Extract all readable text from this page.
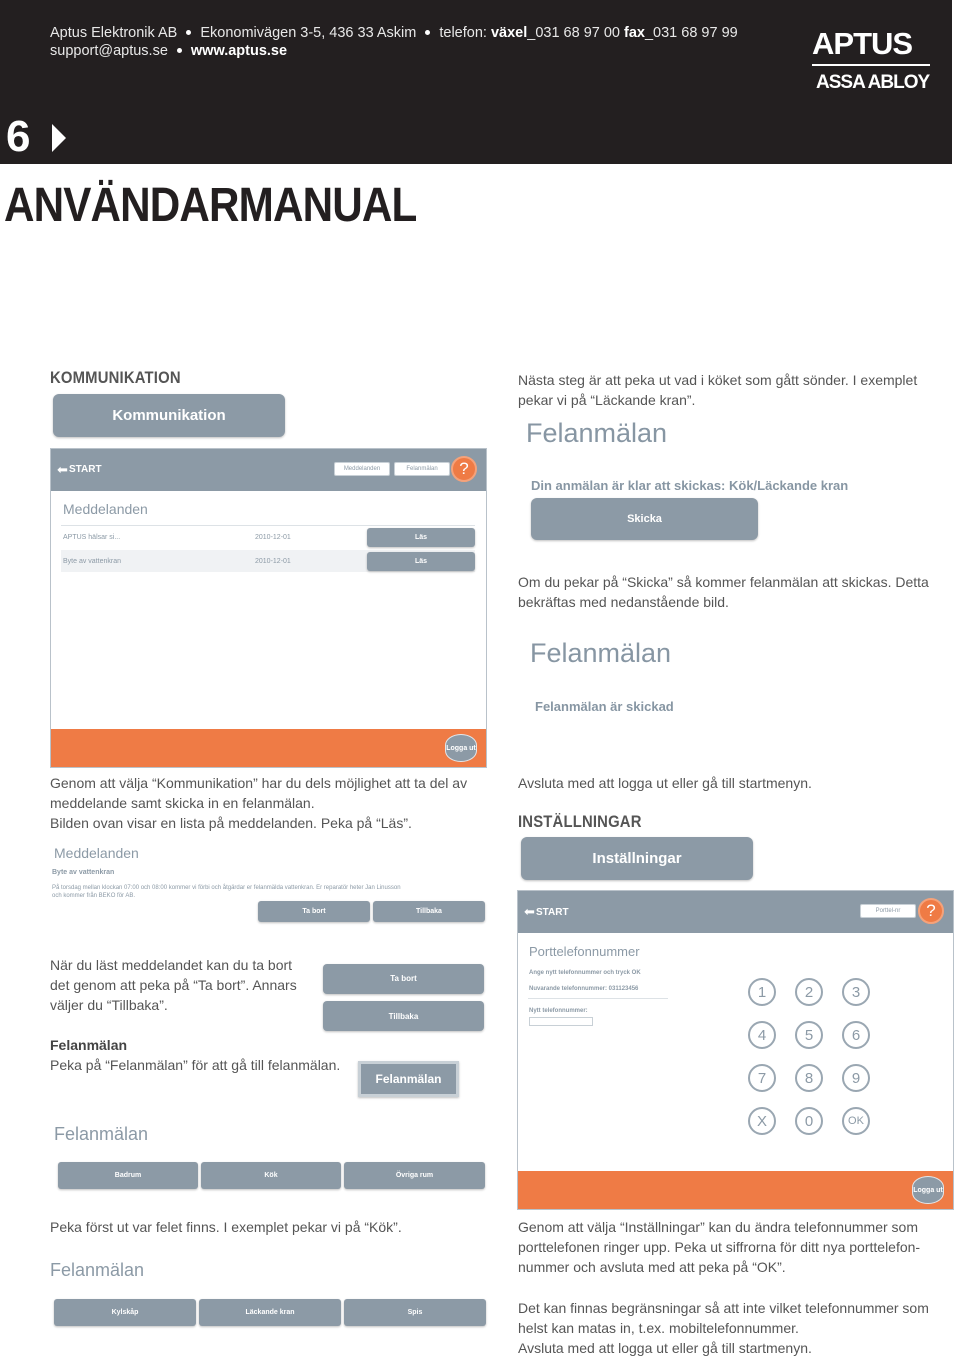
Aptus Elektronik AB Ekonomivägen 3-5, 436 33 Askim telefon: växel_031 68 97 00 fax_031 68 97 99
support@aptus.se www.aptus.se	APTUS
ASSA ABLOY
6
ANVÄNDARMANUAL
KOMMUNIKATION
Kommunikation
⬅ START	Meddelanden	Felanmälan	?
Meddelanden
APTUS hälsar si...	2010-12-01	Läs
Byte av vattenkran	2010-12-01	Läs
Logga ut
Genom att välja “Kommunikation” har du dels möjlighet att ta del av
meddelande samt skicka in en felanmälan.
Bilden ovan visar en lista på meddelanden. Peka på “Läs”.
Meddelanden
Byte av vattenkran
På torsdag mellan klockan 07:00 och 08:00 kommer vi förbi och åtgärdar er felanmälda vattenkran. Er reparatör heter Jan Linusson
och kommer från BEKO för AB.
Ta bort	Tillbaka
När du läst meddelandet kan du ta bort
det genom att peka på “Ta bort”. Annars
väljer du “Tillbaka”.
Ta bort
Tillbaka
Felanmälan
Peka på “Felanmälan” för att gå till felanmälan.
Felanmälan
Felanmälan
Badrum	Kök	Övriga rum
Peka först ut var felet finns. I exemplet pekar vi på “Kök”.
Felanmälan
Kylskåp	Läckande kran	Spis
Nästa steg är att peka ut vad i köket som gått sönder. I exemplet
pekar vi på “Läckande kran”.
Felanmälan
Din anmälan är klar att skickas: Kök/Läckande kran
Skicka
Om du pekar på “Skicka” så kommer felanmälan att skickas. Detta
bekräftas med nedanstående bild.
Felanmälan
Felanmälan är skickad
Avsluta med att logga ut eller gå till startmenyn.
INSTÄLLNINGAR
Inställningar
⬅ START	Porttel-nr	?
Porttelefonnummer
Ange nytt telefonnummer och tryck OK
Nuvarande telefonnummer: 031123456
Nytt telefonnummer:
1	2	3
4	5	6
7	8	9
X	0	OK
Logga ut
Genom att välja “Inställningar” kan du ändra telefonnummer som
porttelefonen ringer upp. Peka ut siffrorna för ditt nya porttelefon-
nummer och avsluta med att peka på “OK”.
Det kan finnas begränsningar så att inte vilket telefonnummer som
helst kan matas in, t.ex. mobiltelefonnummer.
Avsluta med att logga ut eller gå till startmenyn.
